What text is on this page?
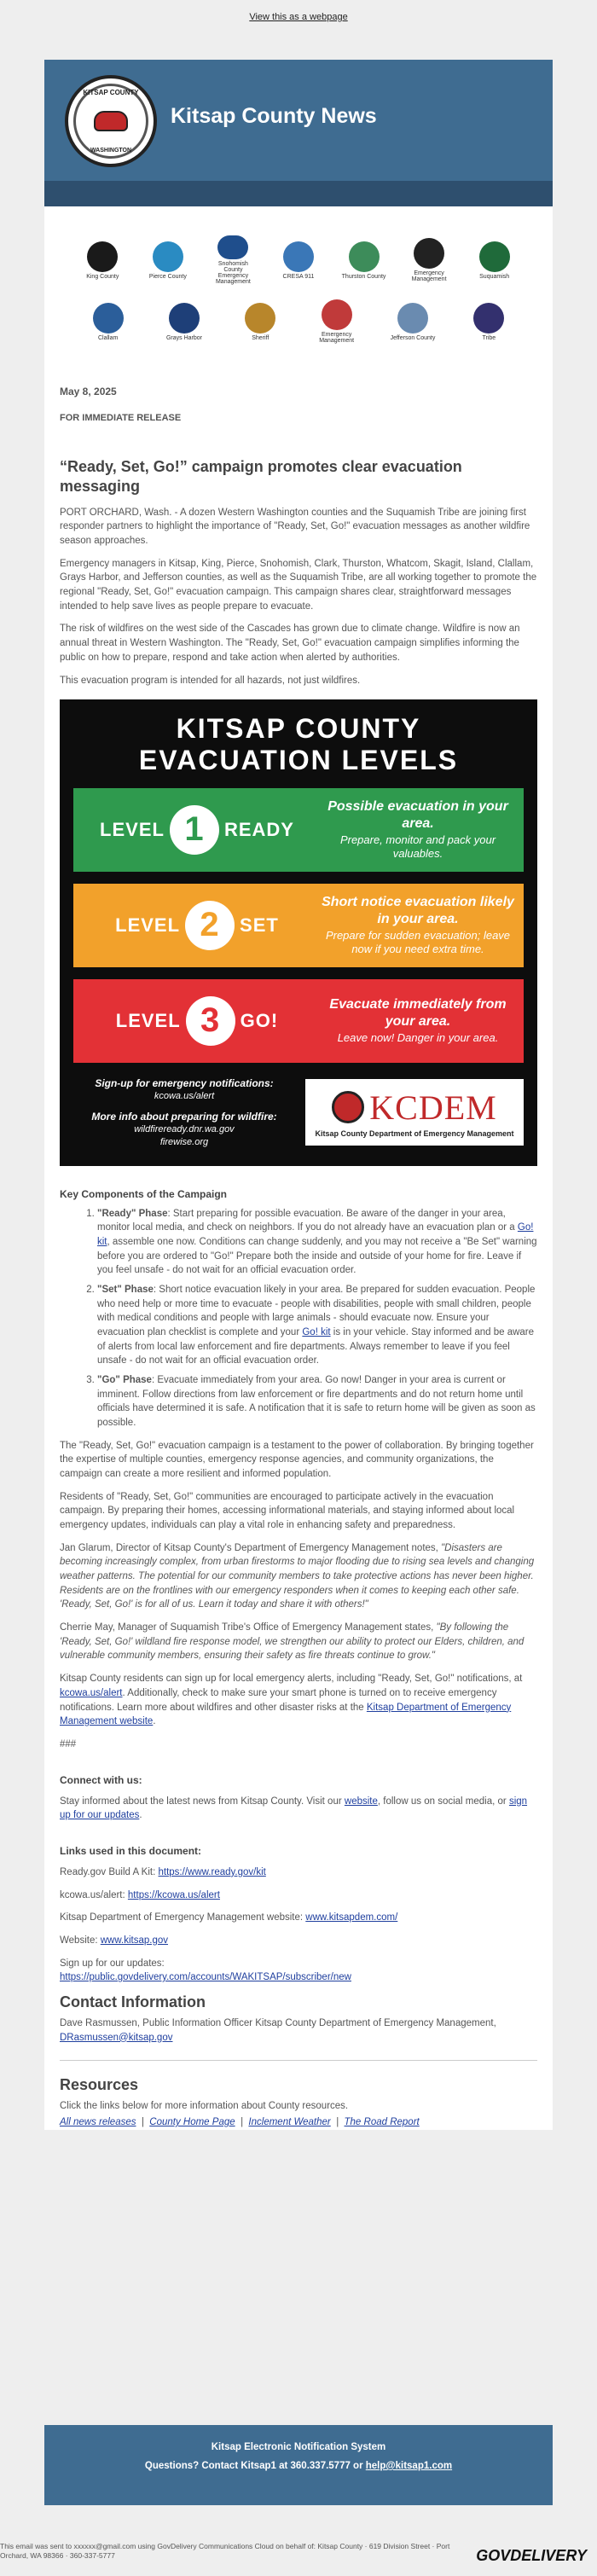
View this as a webpage
KITSAP COUNTY
WASHINGTON
Kitsap County News
King County	Pierce County
Snohomish County Emergency Management
CRESA 911	Thurston County	Emergency Management	Suquamish
Clallam	Grays Harbor	Sheriff	Emergency Management	Jefferson County	Tribe
May 8, 2025
FOR IMMEDIATE RELEASE
“Ready, Set, Go!” campaign promotes clear evacuation messaging

PORT ORCHARD, Wash. - A dozen Western Washington counties and the Suquamish Tribe are joining first responder partners to highlight the importance of "Ready, Set, Go!" evacuation messages as another wildfire season approaches.

Emergency managers in Kitsap, King, Pierce, Snohomish, Clark, Thurston, Whatcom, Skagit, Island, Clallam, Grays Harbor, and Jefferson counties, as well as the Suquamish Tribe, are all working together to promote the regional "Ready, Set, Go!" evacuation campaign. This campaign shares clear, straightforward messages intended to help save lives as people prepare to evacuate.

The risk of wildfires on the west side of the Cascades has grown due to climate change. Wildfire is now an annual threat in Western Washington. The "Ready, Set, Go!" evacuation campaign simplifies informing the public on how to prepare, respond and take action when alerted by authorities.

This evacuation program is intended for all hazards, not just wildfires.

KITSAP COUNTY
EVACUATION LEVELS
LEVEL 1	READY
Possible evacuation in your area.
Prepare, monitor and pack your valuables.
LEVEL 2	SET
Short notice evacuation likely in your area.
Prepare for sudden evacuation; leave now if you need extra time.
LEVEL 3	GO!
Evacuate immediately from your area.
Leave now! Danger in your area.
Sign-up for emergency notifications:
kcowa.us/alert
More info about preparing for wildfire:
wildfireready.dnr.wa.gov
firewise.org
KCDEM
Kitsap County Department of Emergency Management
Key Components of the Campaign
1. "Ready" Phase: Start preparing for possible evacuation. Be aware of the danger in your area, monitor local media, and check on neighbors. If you do not already have an evacuation plan or a Go! kit, assemble one now. Conditions can change suddenly, and you may not receive a "Be Set" warning before you are ordered to "Go!" Prepare both the inside and outside of your home for fire. Leave if you feel unsafe - do not wait for an official evacuation order.
2. "Set" Phase: Short notice evacuation likely in your area. Be prepared for sudden evacuation. People who need help or more time to evacuate - people with disabilities, people with small children, people with medical conditions and people with large animals - should evacuate now. Ensure your evacuation plan checklist is complete and your Go! kit is in your vehicle. Stay informed and be aware of alerts from local law enforcement and fire departments. Always remember to leave if you feel unsafe - do not wait for an official evacuation order.
3. "Go" Phase: Evacuate immediately from your area. Go now! Danger in your area is current or imminent. Follow directions from law enforcement or fire departments and do not return home until officials have determined it is safe. A notification that it is safe to return home will be given as soon as possible.

The "Ready, Set, Go!" evacuation campaign is a testament to the power of collaboration. By bringing together the expertise of multiple counties, emergency response agencies, and community organizations, the campaign can create a more resilient and informed population.

Residents of "Ready, Set, Go!" communities are encouraged to participate actively in the evacuation campaign. By preparing their homes, accessing informational materials, and staying informed about local emergency updates, individuals can play a vital role in enhancing safety and preparedness.

Jan Glarum, Director of Kitsap County's Department of Emergency Management notes, "Disasters are becoming increasingly complex, from urban firestorms to major flooding due to rising sea levels and changing weather patterns. The potential for our community members to take protective actions has never been higher. Residents are on the frontlines with our emergency responders when it comes to keeping each other safe. 'Ready, Set, Go!' is for all of us. Learn it today and share it with others!"

Cherrie May, Manager of Suquamish Tribe's Office of Emergency Management states, "By following the 'Ready, Set, Go!' wildland fire response model, we strengthen our ability to protect our Elders, children, and vulnerable community members, ensuring their safety as fire threats continue to grow."

Kitsap County residents can sign up for local emergency alerts, including "Ready, Set, Go!" notifications, at kcowa.us/alert. Additionally, check to make sure your smart phone is turned on to receive emergency notifications. Learn more about wildfires and other disaster risks at the Kitsap Department of Emergency Management website.

###

Connect with us:

Stay informed about the latest news from Kitsap County. Visit our website, follow us on social media, or sign up for our updates.

Links used in this document:

Ready.gov Build A Kit: https://www.ready.gov/kit

kcowa.us/alert: https://kcowa.us/alert

Kitsap Department of Emergency Management website: www.kitsapdem.com/

Website: www.kitsap.gov

Sign up for our updates:
https://public.govdelivery.com/accounts/WAKITSAP/subscriber/new

Contact Information

Dave Rasmussen, Public Information Officer Kitsap County Department of Emergency Management, DRasmussen@kitsap.gov

Resources

Click the links below for more information about County resources.

All news releases  |  County Home Page  |  Inclement Weather  |  The Road Report

Kitsap Electronic Notification System
Questions? Contact Kitsap1 at 360.337.5777 or help@kitsap1.com
This email was sent to xxxxxx@gmail.com using GovDelivery Communications Cloud on behalf of: Kitsap County · 619 Division Street · Port Orchard, WA 98366 · 360-337-5777	GOVDELIVERY
